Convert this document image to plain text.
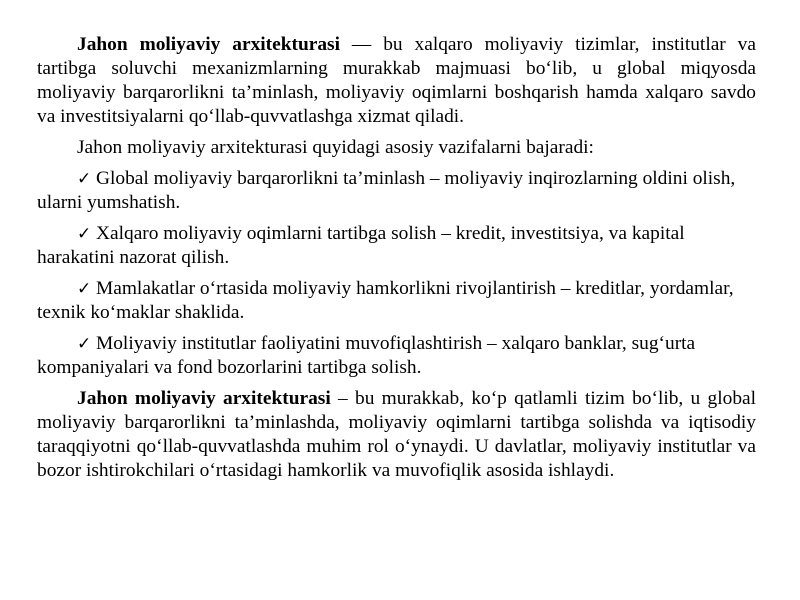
Jahon moliyaviy arxitekturasi — bu xalqaro moliyaviy tizimlar, institutlar va tartibga soluvchi mexanizmlarning murakkab majmuasi bo‘lib, u global miqyosda moliyaviy barqarorlikni ta’minlash, moliyaviy oqimlarni boshqarish hamda xalqaro savdo va investitsiyalarni qo‘llab-quvvatlashga xizmat qiladi.

Jahon moliyaviy arxitekturasi quyidagi asosiy vazifalarni bajaradi:

✓ Global moliyaviy barqarorlikni ta’minlash – moliyaviy inqirozlarning oldini olish, ularni yumshatish.

✓ Xalqaro moliyaviy oqimlarni tartibga solish – kredit, investitsiya, va kapital harakatini nazorat qilish.

✓ Mamlakatlar o‘rtasida moliyaviy hamkorlikni rivojlantirish – kreditlar, yordamlar, texnik ko‘maklar shaklida.

✓ Moliyaviy institutlar faoliyatini muvofiqlashtirish – xalqaro banklar, sug‘urta kompaniyalari va fond bozorlarini tartibga solish.

Jahon moliyaviy arxitekturasi – bu murakkab, ko‘p qatlamli tizim bo‘lib, u global moliyaviy barqarorlikni ta’minlashda, moliyaviy oqimlarni tartibga solishda va iqtisodiy taraqqiyotni qo‘llab-quvvatlashda muhim rol o‘ynaydi. U davlatlar, moliyaviy institutlar va bozor ishtirokchilari o‘rtasidagi hamkorlik va muvofiqlik asosida ishlaydi.
